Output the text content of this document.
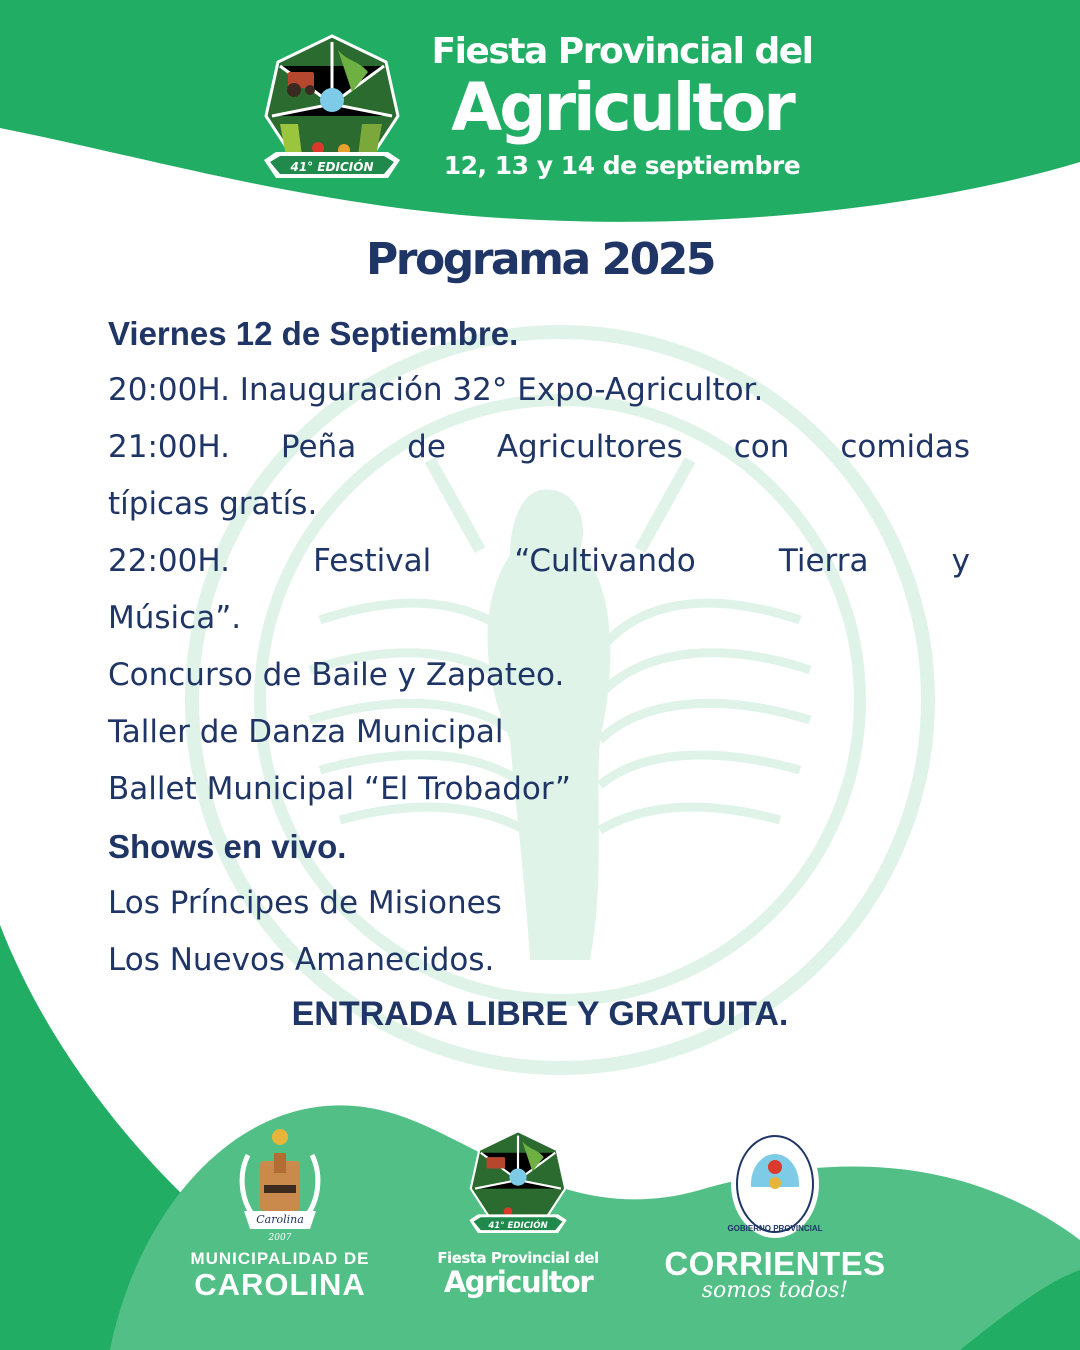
41° EDICIÓN
Fiesta Provincial del
Agricultor
12, 13 y 14 de septiembre
Programa 2025
Viernes 12 de Septiembre.
20:00H. Inauguración 32° Expo-Agricultor.
21:00H. Peña de Agricultores con comidas
típicas gratís.
22:00H. Festival “Cultivando Tierra y
Música”.
Concurso de Baile y Zapateo.
Taller de Danza Municipal
Ballet Municipal “El Trobador”
Shows en vivo.
Los Príncipes de Misiones
Los Nuevos Amanecidos.
ENTRADA LIBRE Y GRATUITA.
Carolina
2007
MUNICIPALIDAD DE
CAROLINA
41° EDICIÓN
Fiesta Provincial del
Agricultor
GOBIERNO PROVINCIAL
CORRIENTES
somos todos!
